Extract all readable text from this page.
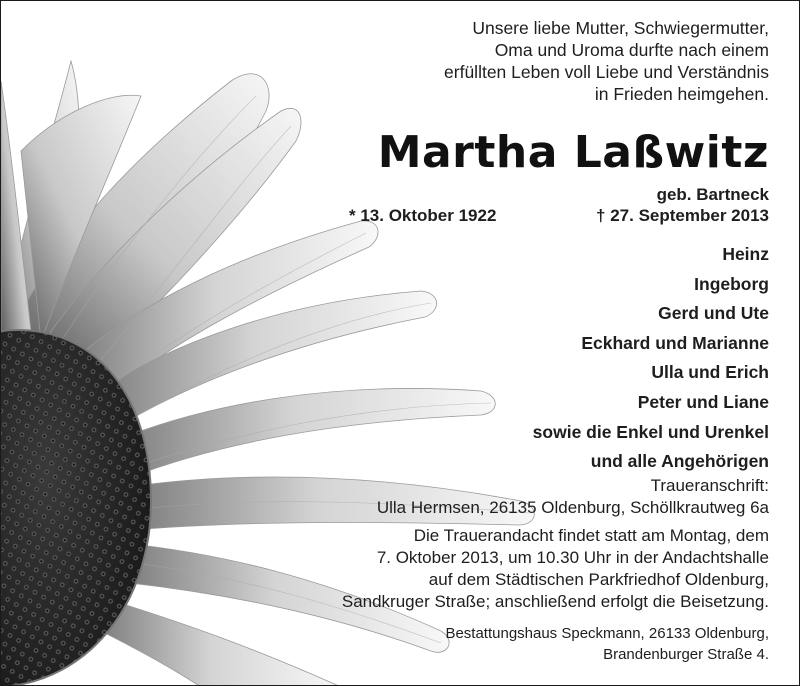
Unsere liebe Mutter, Schwiegermutter,
Oma und Uroma durfte nach einem
erfüllten Leben voll Liebe und Verständnis
in Frieden heimgehen.
Martha Laßwitz
geb. Bartneck
* 13. Oktober 1922	† 27. September 2013
Heinz
Ingeborg
Gerd und Ute
Eckhard und Marianne
Ulla und Erich
Peter und Liane
sowie die Enkel und Urenkel
und alle Angehörigen
Traueranschrift:
Ulla Hermsen, 26135 Oldenburg, Schöllkrautweg 6a
Die Trauerandacht findet statt am Montag, dem
7. Oktober 2013, um 10.30 Uhr in der Andachtshalle
auf dem Städtischen Parkfriedhof Oldenburg,
Sandkruger Straße; anschließend erfolgt die Beisetzung.
Bestattungshaus Speckmann, 26133 Oldenburg,
Brandenburger Straße 4.
